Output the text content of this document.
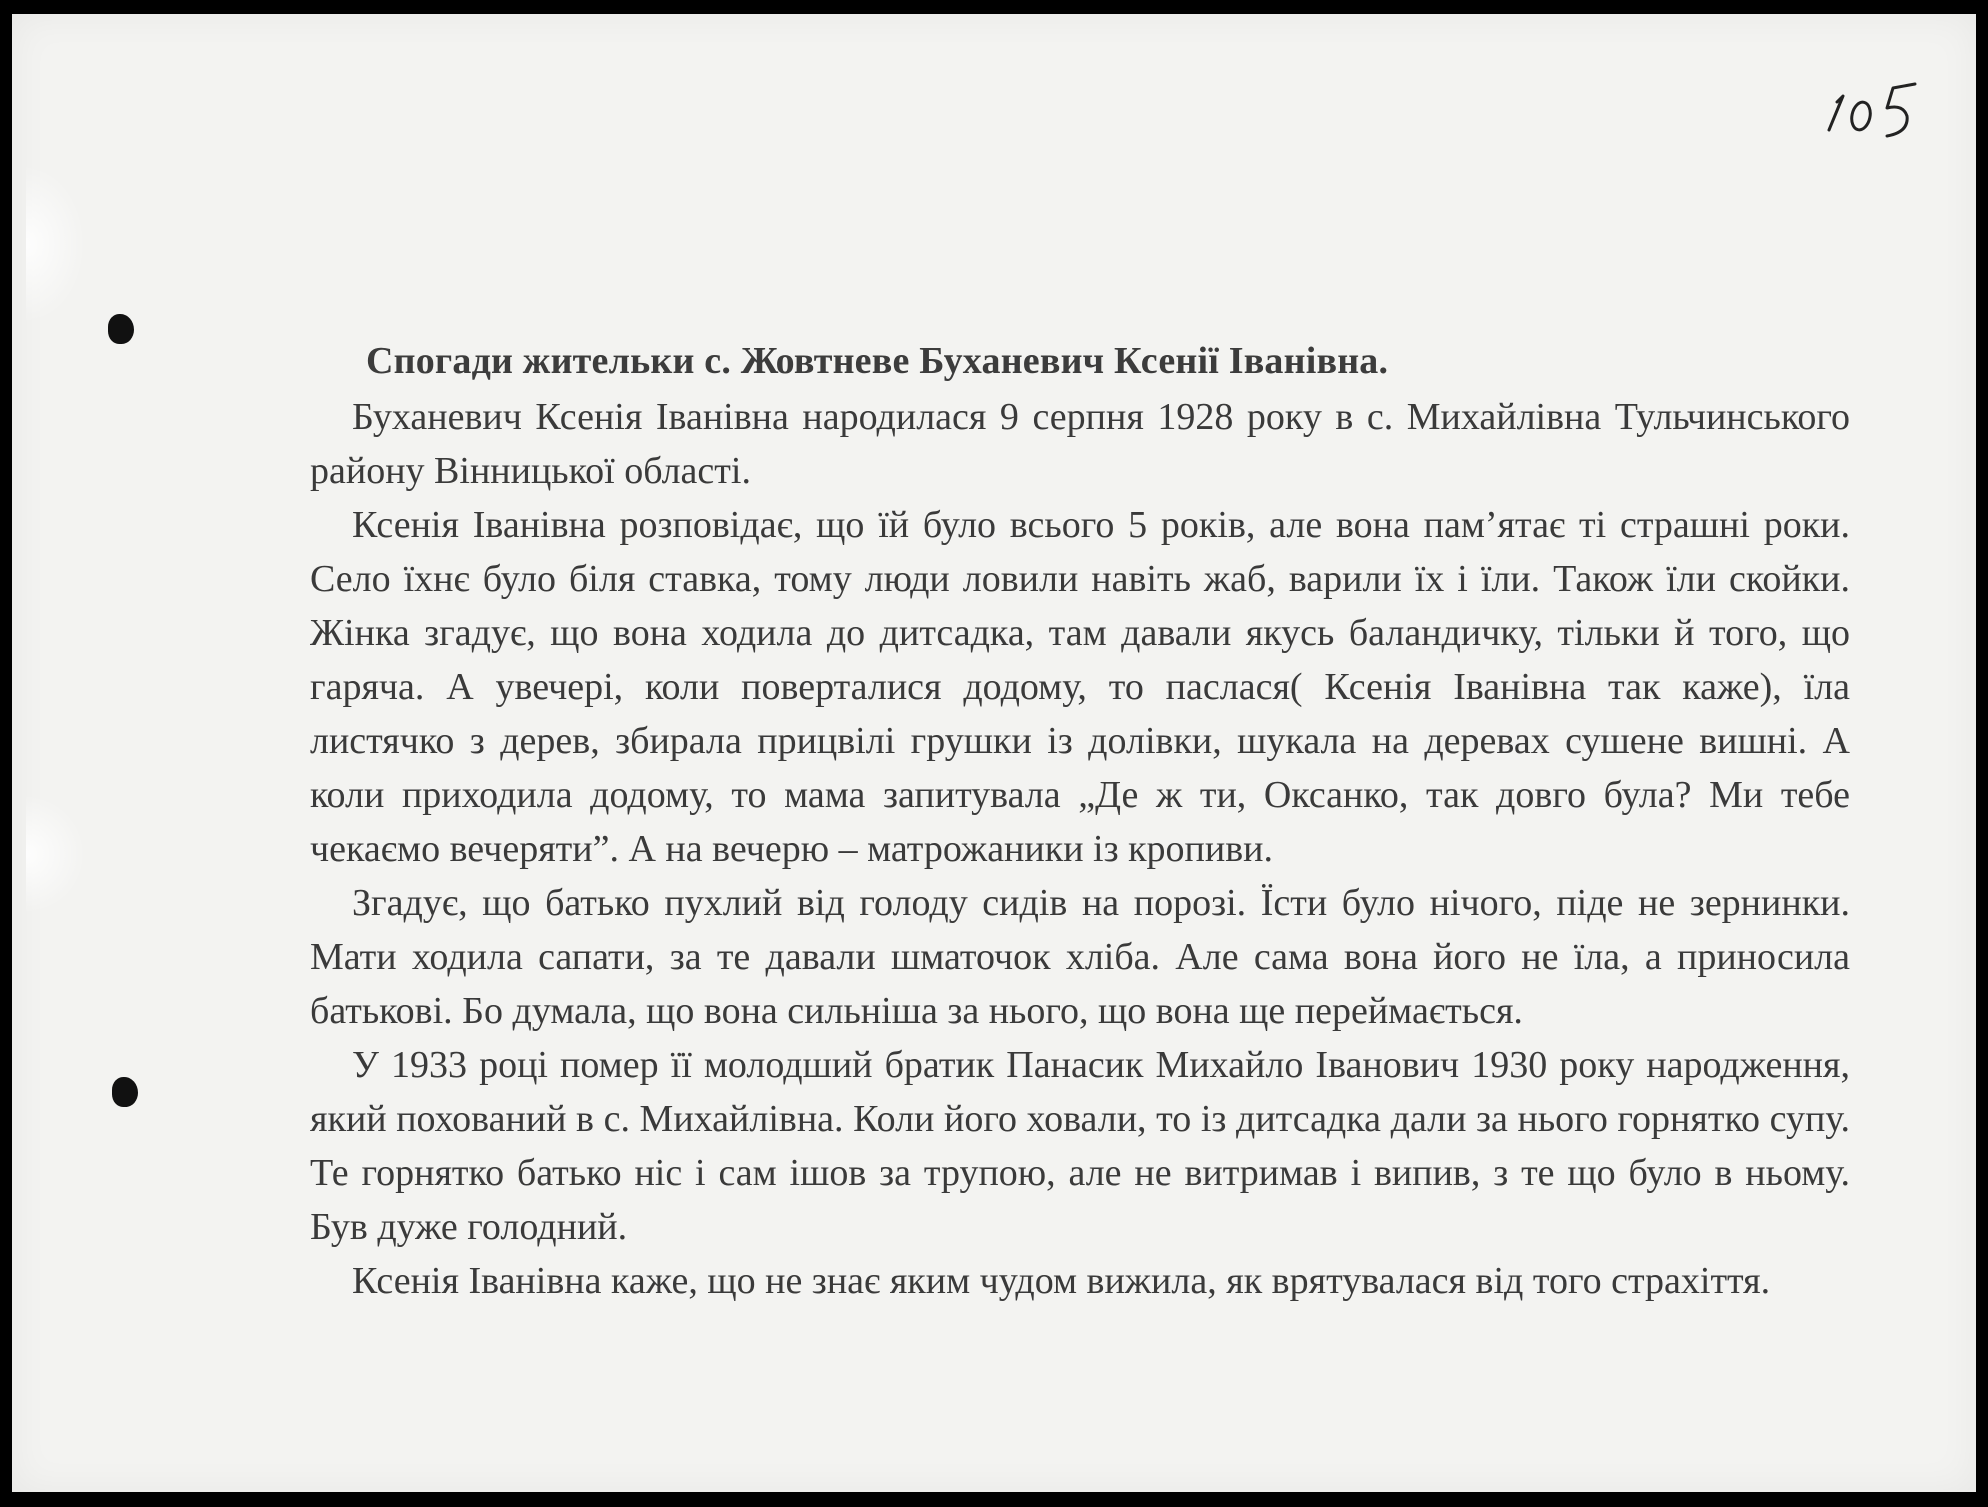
Спогади жительки с. Жовтневе Буханевич Ксенії Іванівна.

Буханевич Ксенія Іванівна народилася 9 серпня 1928 року в с. Михайлівна Тульчинського району Вінницької області.

Ксенія Іванівна розповідає, що їй було всього 5 років, але вона пам’ятає ті страшні роки. Село їхнє було біля ставка, тому люди ловили навіть жаб, варили їх і їли. Також їли скойки. Жінка згадує, що вона ходила до дитсадка, там давали якусь баландичку, тільки й того, що гаряча. А увечері, коли поверталися додому, то паслася( Ксенія Іванівна так каже), їла листячко з дерев, збирала прицвілі грушки із долівки, шукала на деревах сушене вишні. А коли приходила додому, то мама запитувала „Де ж ти, Оксанко, так довго була? Ми тебе чекаємо вечеряти”. А на вечерю – матрожаники із кропиви.

Згадує, що батько пухлий від голоду сидів на порозі. Їсти було нічого, піде не зернинки. Мати ходила сапати, за те давали шматочок хліба. Але сама вона його не їла, а приносила батькові. Бо думала, що вона сильніша за нього, що вона ще переймається.

У 1933 році помер її молодший братик Панасик Михайло Іванович 1930 року народження, який похований в с. Михайлівна. Коли його ховали, то із дитсадка дали за нього горнятко супу. Те горнятко батько ніс і сам ішов за трупою, але не витримав і випив, з те що було в ньому. Був дуже голодний.

Ксенія Іванівна каже, що не знає яким чудом вижила, як врятувалася від того страхіття.
